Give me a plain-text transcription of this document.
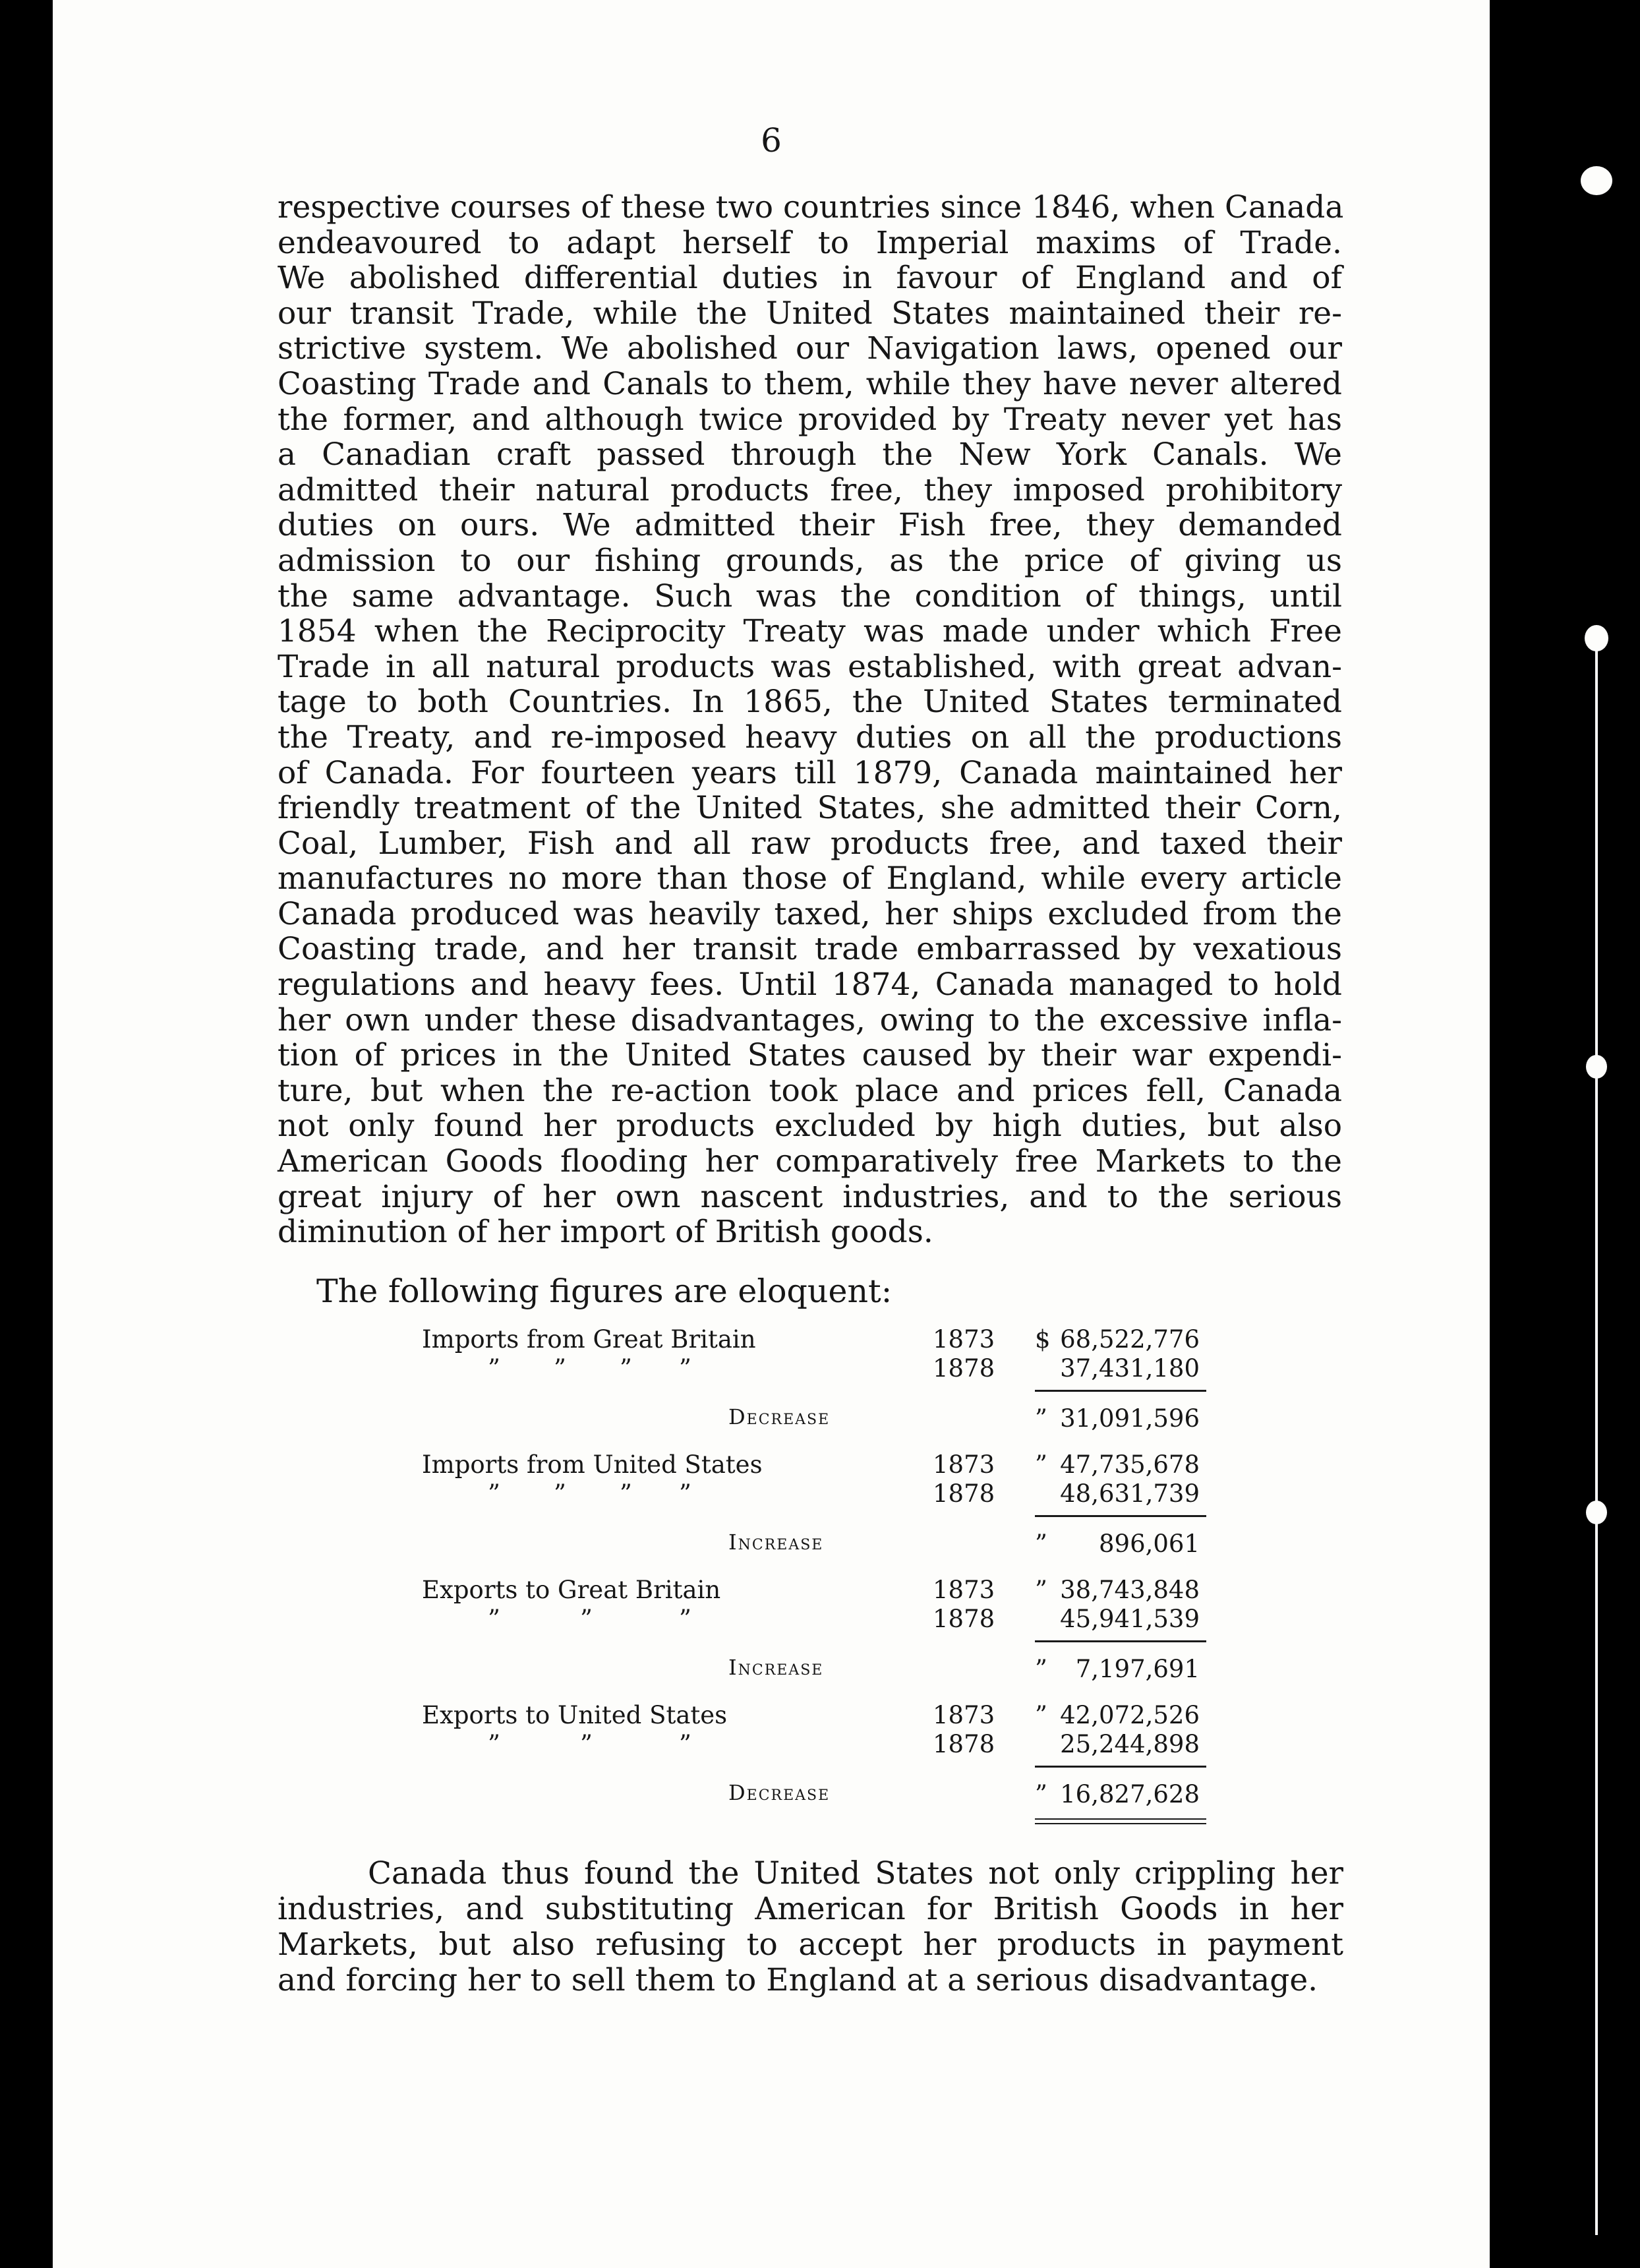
6
respective courses of these two countries since 1846, when Canada
endeavoured to adapt herself to Imperial maxims of Trade.
We abolished differential duties in favour of England and of
our transit Trade, while the United States maintained their re-
strictive system. We abolished our Navigation laws, opened our
Coasting Trade and Canals to them, while they have never altered
the former, and although twice provided by Treaty never yet has
a Canadian craft passed through the New York Canals. We
admitted their natural products free, they imposed prohibitory
duties on ours. We admitted their Fish free, they demanded
admission to our fishing grounds, as the price of giving us
the same advantage. Such was the condition of things, until
1854 when the Reciprocity Treaty was made under which Free
Trade in all natural products was established, with great advan-
tage to both Countries. In 1865, the United States terminated
the Treaty, and re-imposed heavy duties on all the productions
of Canada. For fourteen years till 1879, Canada maintained her
friendly treatment of the United States, she admitted their Corn,
Coal, Lumber, Fish and all raw products free, and taxed their
manufactures no more than those of England, while every article
Canada produced was heavily taxed, her ships excluded from the
Coasting trade, and her transit trade embarrassed by vexatious
regulations and heavy fees. Until 1874, Canada managed to hold
her own under these disadvantages, owing to the excessive infla-
tion of prices in the United States caused by their war expendi-
ture, but when the re-action took place and prices fell, Canada
not only found her products excluded by high duties, but also
American Goods flooding her comparatively free Markets to the
great injury of her own nascent industries, and to the serious
diminution of her import of British goods.
The following figures are eloquent:
Imports from Great Britain	1873 $ 68,522,776
” ” ” ”	1878	37,431,180
Decrease	” 31,091,596
Imports from United States	1873 ” 47,735,678
” ” ” ”	1878	48,631,739
Increase	” 896,061
Exports to Great Britain	1873 ” 38,743,848
”	”	”	1878	45,941,539
Increase	” 7,197,691
Exports to United States	1873 ” 42,072,526
”	”	”	1878	25,244,898
Decrease	” 16,827,628
Canada thus found the United States not only crippling her
industries, and substituting American for British Goods in her
Markets, but also refusing to accept her products in payment
and forcing her to sell them to England at a serious disadvantage.
